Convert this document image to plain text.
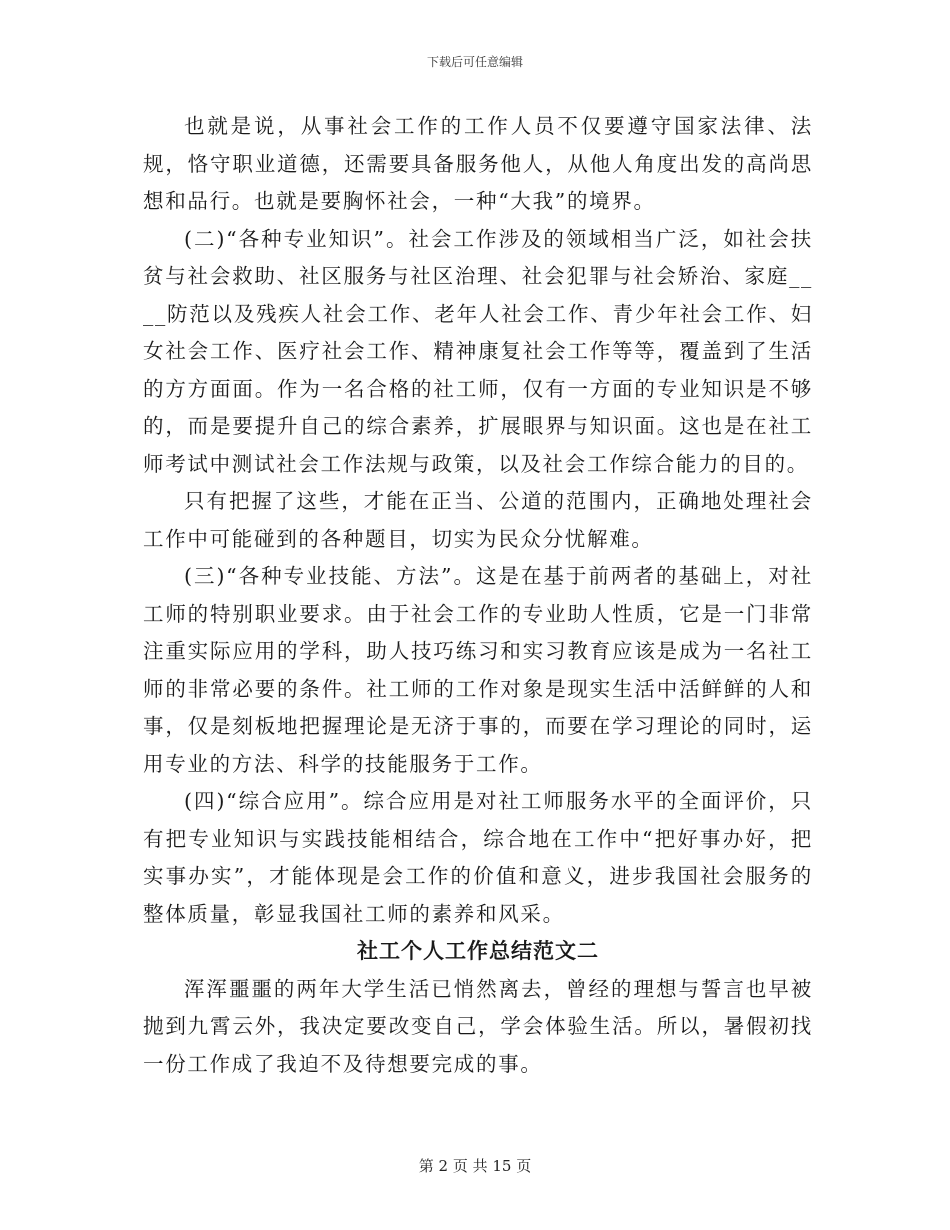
下载后可任意编辑

也就是说，从事社会工作的工作人员不仅要遵守国家法律、法规，恪守职业道德，还需要具备服务他人，从他人角度出发的高尚思想和品行。也就是要胸怀社会，一种“大我”的境界。

(二)“各种专业知识”。社会工作涉及的领域相当广泛，如社会扶贫与社会救助、社区服务与社区治理、社会犯罪与社会矫治、家庭____防范以及残疾人社会工作、老年人社会工作、青少年社会工作、妇女社会工作、医疗社会工作、精神康复社会工作等等，覆盖到了生活的方方面面。作为一名合格的社工师，仅有一方面的专业知识是不够的，而是要提升自己的综合素养，扩展眼界与知识面。这也是在社工师考试中测试社会工作法规与政策，以及社会工作综合能力的目的。

只有把握了这些，才能在正当、公道的范围内，正确地处理社会工作中可能碰到的各种题目，切实为民众分忧解难。

(三)“各种专业技能、方法”。这是在基于前两者的基础上，对社工师的特别职业要求。由于社会工作的专业助人性质，它是一门非常注重实际应用的学科，助人技巧练习和实习教育应该是成为一名社工师的非常必要的条件。社工师的工作对象是现实生活中活鲜鲜的人和事，仅是刻板地把握理论是无济于事的，而要在学习理论的同时，运用专业的方法、科学的技能服务于工作。

(四)“综合应用”。综合应用是对社工师服务水平的全面评价，只有把专业知识与实践技能相结合，综合地在工作中“把好事办好，把实事办实”，才能体现是会工作的价值和意义，进步我国社会服务的整体质量，彰显我国社工师的素养和风采。

社工个人工作总结范文二

浑浑噩噩的两年大学生活已悄然离去，曾经的理想与誓言也早被抛到九霄云外，我决定要改变自己，学会体验生活。所以，暑假初找一份工作成了我迫不及待想要完成的事。

第 2 页 共 15 页
